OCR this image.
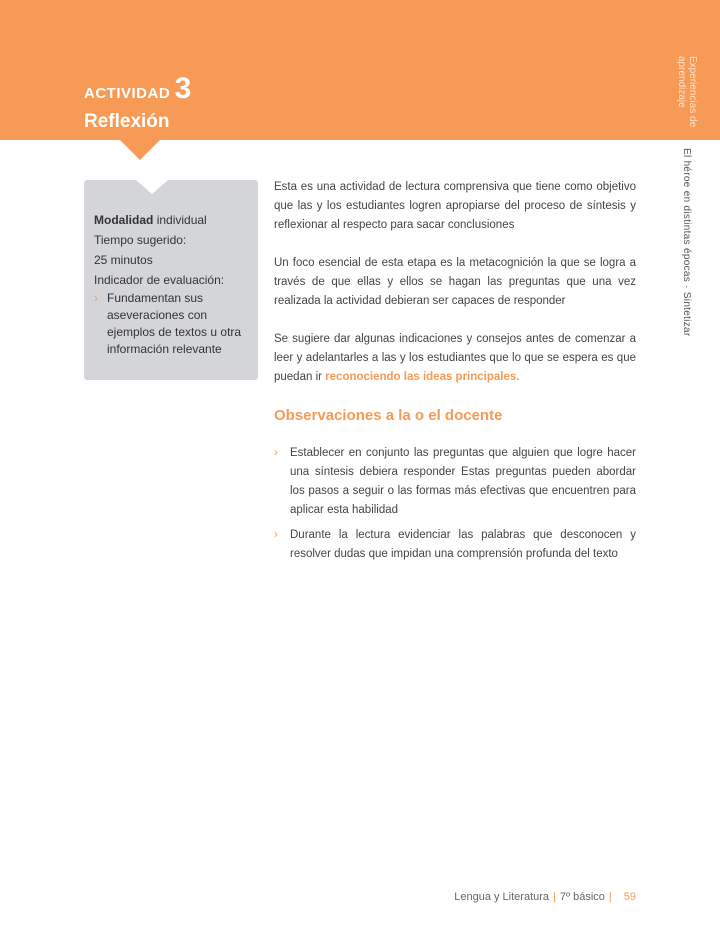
ACTIVIDAD 3
Reflexión	Experiencias de aprendizaje
El héroe en distintas épocas · Sintetizar
Modalidad individual
Tiempo sugerido:
25 minutos
Indicador de evaluación:
› Fundamentan sus aseveraciones con ejemplos de textos u otra información relevante

Esta es una actividad de lectura comprensiva que tiene como objetivo que las y los estudiantes logren apropiarse del proceso de síntesis y reflexionar al respecto para sacar conclusiones

Un foco esencial de esta etapa es la metacognición la que se logra a través de que ellas y ellos se hagan las preguntas que una vez realizada la actividad debieran ser capaces de responder

Se sugiere dar algunas indicaciones y consejos antes de comenzar a leer y adelantarles a las y los estudiantes que lo que se espera es que puedan ir reconociendo las ideas principales.

Observaciones a la o el docente
› Establecer en conjunto las preguntas que alguien que logre hacer una síntesis debiera responder Estas preguntas pueden abordar los pasos a seguir o las formas más efectivas que encuentren para aplicar esta habilidad
› Durante la lectura evidenciar las palabras que desconocen y resolver dudas que impidan una comprensión profunda del texto
Lengua y Literatura | 7º básico | 59
